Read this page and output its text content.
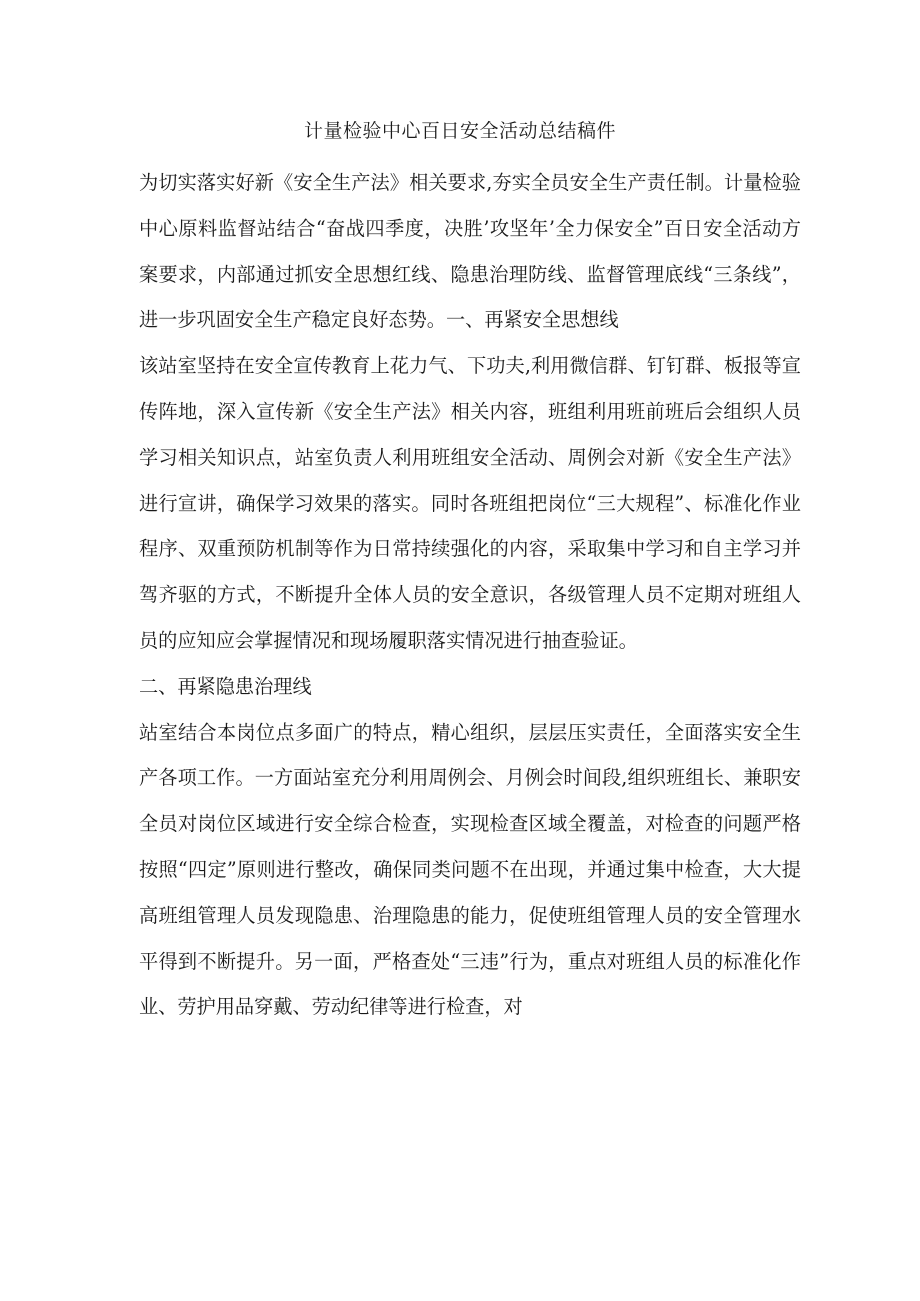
计量检验中心百日安全活动总结稿件

为切实落实好新《安全生产法》相关要求,夯实全员安全生产责任制。计量检验中心原料监督站结合“奋战四季度，决胜’攻坚年’全力保安全”百日安全活动方案要求，内部通过抓安全思想红线、隐患治理防线、监督管理底线“三条线”，进一步巩固安全生产稳定良好态势。一、再紧安全思想线

该站室坚持在安全宣传教育上花力气、下功夫,利用微信群、钉钉群、板报等宣传阵地，深入宣传新《安全生产法》相关内容，班组利用班前班后会组织人员学习相关知识点，站室负责人利用班组安全活动、周例会对新《安全生产法》进行宣讲，确保学习效果的落实。同时各班组把岗位“三大规程”、标准化作业程序、双重预防机制等作为日常持续强化的内容，采取集中学习和自主学习并驾齐驱的方式，不断提升全体人员的安全意识，各级管理人员不定期对班组人员的应知应会掌握情况和现场履职落实情况进行抽查验证。

二、再紧隐患治理线

站室结合本岗位点多面广的特点，精心组织，层层压实责任，全面落实安全生产各项工作。一方面站室充分利用周例会、月例会时间段,组织班组长、兼职安全员对岗位区域进行安全综合检查，实现检查区域全覆盖，对检查的问题严格按照“四定”原则进行整改，确保同类问题不在出现，并通过集中检查，大大提高班组管理人员发现隐患、治理隐患的能力，促使班组管理人员的安全管理水平得到不断提升。另一面，严格查处“三违”行为，重点对班组人员的标准化作业、劳护用品穿戴、劳动纪律等进行检查，对
